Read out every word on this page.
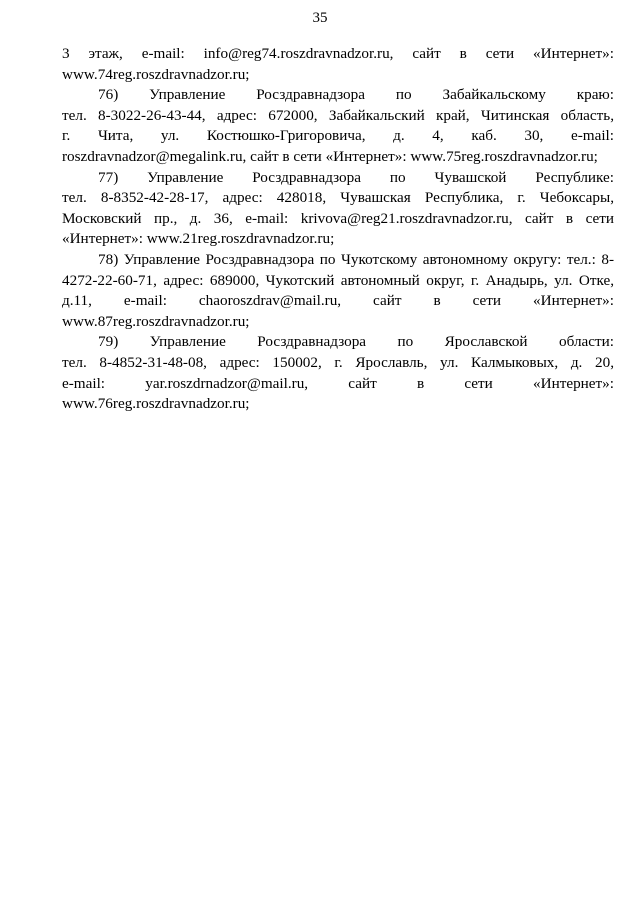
35
3 этаж, e-mail: info@reg74.roszdravnadzor.ru, сайт в сети «Интернет»:
www.74reg.roszdravnadzor.ru;
76) Управление Росздравнадзора по Забайкальскому краю:
тел. 8-3022-26-43-44, адрес: 672000, Забайкальский край, Читинская область,
г. Чита, ул. Костюшко-Григоровича, д. 4, каб. 30, e-mail:
roszdravnadzor@megalink.ru, сайт в сети «Интернет»: www.75reg.roszdravnadzor.ru;
77) Управление Росздравнадзора по Чувашской Республике:
тел. 8-8352-42-28-17, адрес: 428018, Чувашская Республика, г. Чебоксары,
Московский пр., д. 36, e-mail: krivova@reg21.roszdravnadzor.ru, сайт в сети
«Интернет»: www.21reg.roszdravnadzor.ru;
78) Управление Росздравнадзора по Чукотскому автономному округу: тел.: 8-
4272-22-60-71, адрес: 689000, Чукотский автономный округ, г. Анадырь, ул. Отке,
д.11, e-mail: chaoroszdrav@mail.ru, сайт в сети «Интернет»:
www.87reg.roszdravnadzor.ru;
79) Управление Росздравнадзора по Ярославской области:
тел. 8-4852-31-48-08, адрес: 150002, г. Ярославль, ул. Калмыковых, д. 20,
e-mail: yar.roszdrnadzor@mail.ru, сайт в сети «Интернет»:
www.76reg.roszdravnadzor.ru;
